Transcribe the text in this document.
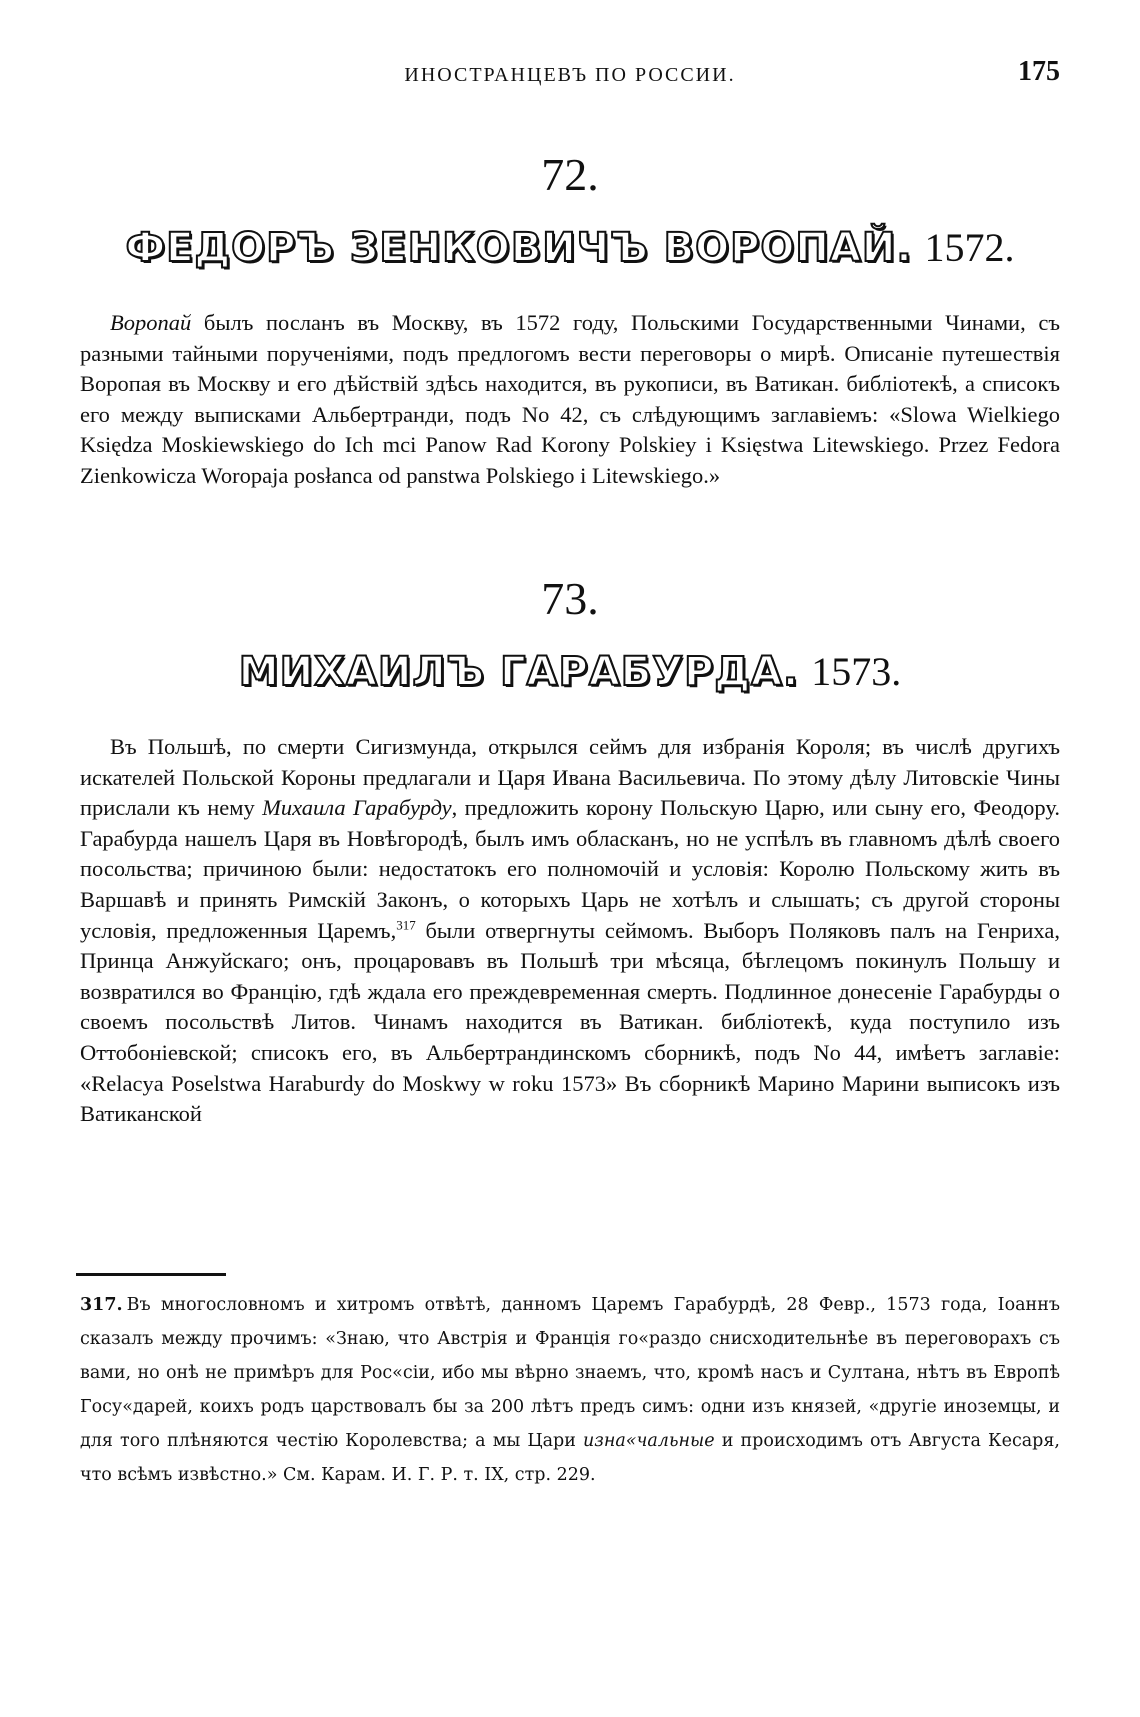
ИНОСТРАНЦЕВЪ ПО РОССИИ.	175
72.
ФЕДОРЪ ЗЕНКОВИЧЪ ВОРОПАЙ. 1572.

Воропай былъ посланъ въ Москву, въ 1572 году, Польскими Государственными Чинами, съ разными тайными порученіями, подъ предлогомъ вести переговоры о мирѣ. Описаніе путешествія Воропая въ Москву и его дѣйствій здѣсь находится, въ рукописи, въ Ватикан. библіотекѣ, а списокъ его между выписками Альбертранди, подъ No 42, съ слѣдующимъ заглавіемъ: «Slowa Wielkiego Księdza Moskiewskiego do Ich mci Panow Rad Korony Polskiey i Księstwa Litewskiego. Przez Fedora Zienkowicza Woropaja posłanca od panstwa Polskiego i Litewskiego.»

73.
МИХАИЛЪ ГАРАБУРДА. 1573.

Въ Польшѣ, по смерти Сигизмунда, открылся сеймъ для избранія Короля; въ числѣ другихъ искателей Польской Короны предлагали и Царя Ивана Васильевича. По этому дѣлу Литовскіе Чины прислали къ нему Михаила Гарабурду, предложить корону Польскую Царю, или сыну его, Феодору. Гарабурда нашелъ Царя въ Новѣгородѣ, былъ имъ обласканъ, но не успѣлъ въ главномъ дѣлѣ своего посольства; причиною были: недостатокъ его полномочій и условія: Королю Польскому жить въ Варшавѣ и принять Римскій Законъ, о которыхъ Царь не хотѣлъ и слышать; съ другой стороны условія, предложенныя Царемъ,$^{317}$ были отвергнуты сеймомъ. Выборъ Поляковъ палъ на Генриха, Принца Анжуйскаго; онъ, процаровавъ въ Польшѣ три мѣсяца, бѣглецомъ покинулъ Польшу и возвратился во Францію, гдѣ ждала его преждевременная смерть. Подлинное донесеніе Гарабурды о своемъ посольствѣ Литов. Чинамъ находится въ Ватикан. библіотекѣ, куда поступило изъ Оттобоніевской; списокъ его, въ Альбертрандинскомъ сборникѣ, подъ No 44, имѣетъ заглавіе: «Relacya Poselstwa Haraburdy do Moskwy w roku 1573» Въ сборникѣ Марино Марини выписокъ изъ Ватиканской

317. Въ многословномъ и хитромъ отвѣтѣ, данномъ Царемъ Гарабурдѣ, 28 Февр., 1573 года, Іоаннъ сказалъ между прочимъ: «Знаю, что Австрія и Франція го«раздо снисходительнѣе въ переговорахъ съ вами, но онѣ не примѣръ для Рос«сіи, ибо мы вѣрно знаемъ, что, кромѣ насъ и Султана, нѣтъ въ Европѣ Госу«дарей, коихъ родъ царствовалъ бы за 200 лѣтъ предъ симъ: одни изъ князей, «другіе иноземцы, и для того плѣняются честію Королевства; а мы Цари изна«чальные и происходимъ отъ Августа Кесаря, что всѣмъ извѣстно.» См. Карам. И. Г. Р. т. IX, стр. 229.
